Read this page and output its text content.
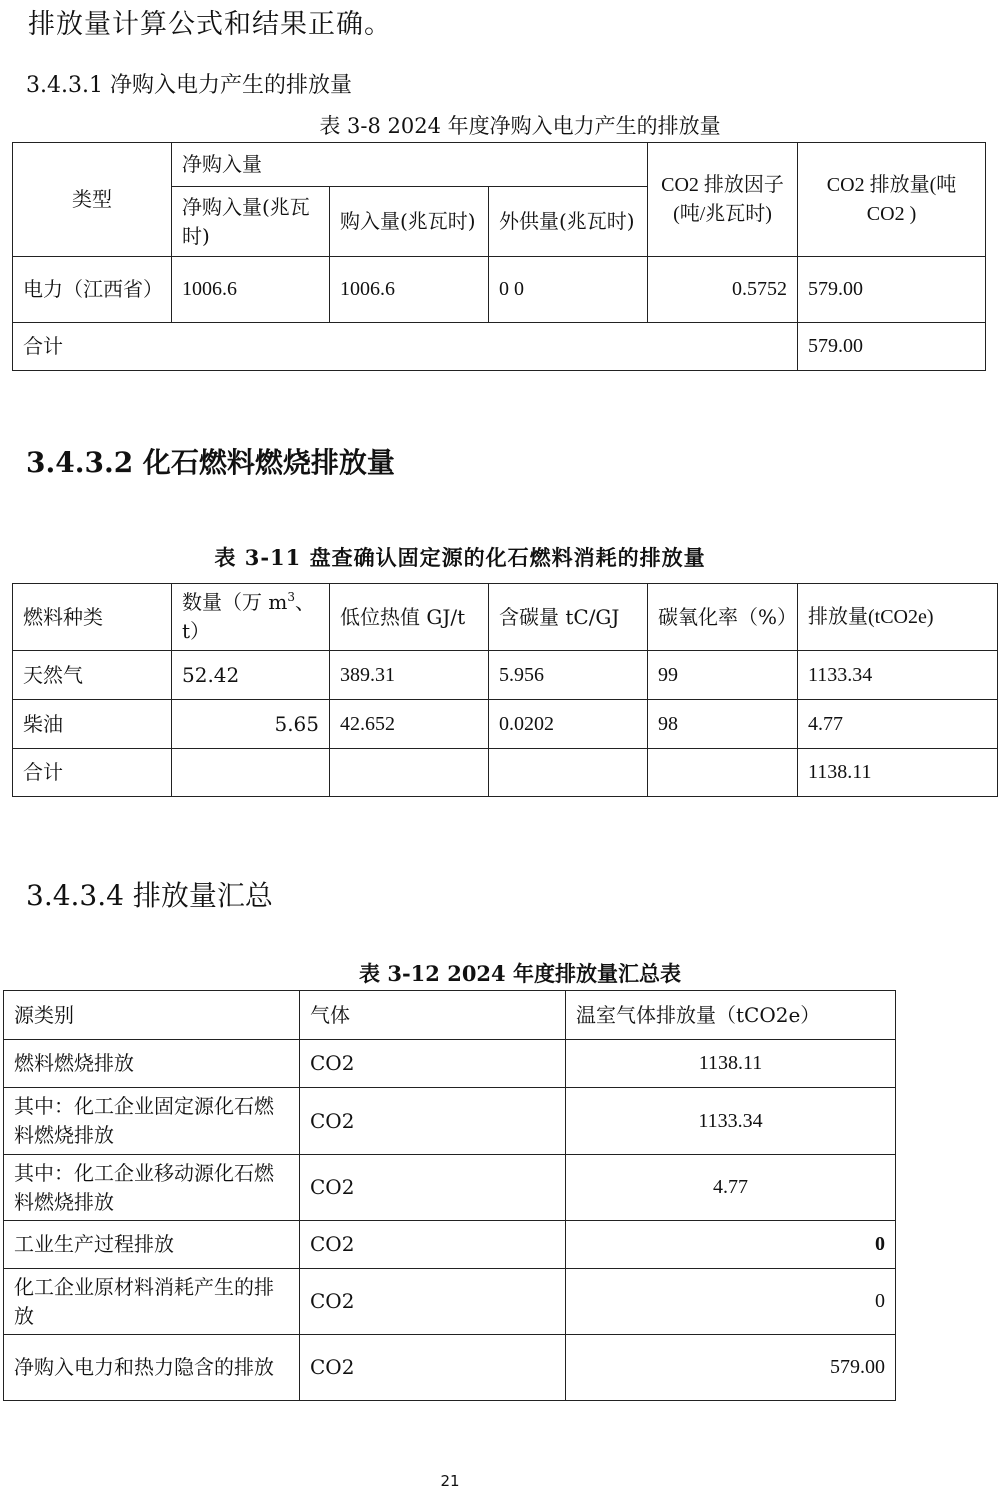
排放量计算公式和结果正确。
3.4.3.1 净购入电力产生的排放量
表 3-8 2024 年度净购入电力产生的排放量
类型	净购入量			CO2 排放因子(吨/兆瓦时)	CO2 排放量(吨 CO2 )
	净购入量(兆瓦时)	购入量(兆瓦时)	外供量(兆瓦时)		
电力（江西省）	1006.6	1006.6	0 0	0.5752	579.00
合计					579.00
3.4.3.2 化石燃料燃烧排放量
表 3-11 盘查确认固定源的化石燃料消耗的排放量
燃料种类	数量（万 $m^3$、t）	低位热值 GJ/t	含碳量 tC/GJ	碳氧化率（%）	排放量(tCO2e)
天然气	52.42	389.31	5.956	99	1133.34
柴油	5.65	42.652	0.0202	98	4.77
合计					1138.11
3.4.3.4 排放量汇总
表 3-12 2024 年度排放量汇总表
源类别	气体	温室气体排放量（tCO2e）
燃料燃烧排放	CO2	1138.11
其中：化工企业固定源化石燃料燃烧排放	CO2	1133.34
其中：化工企业移动源化石燃料燃烧排放	CO2	4.77
工业生产过程排放	CO2	0
化工企业原材料消耗产生的排放	CO2	0
净购入电力和热力隐含的排放	CO2	579.00
21
